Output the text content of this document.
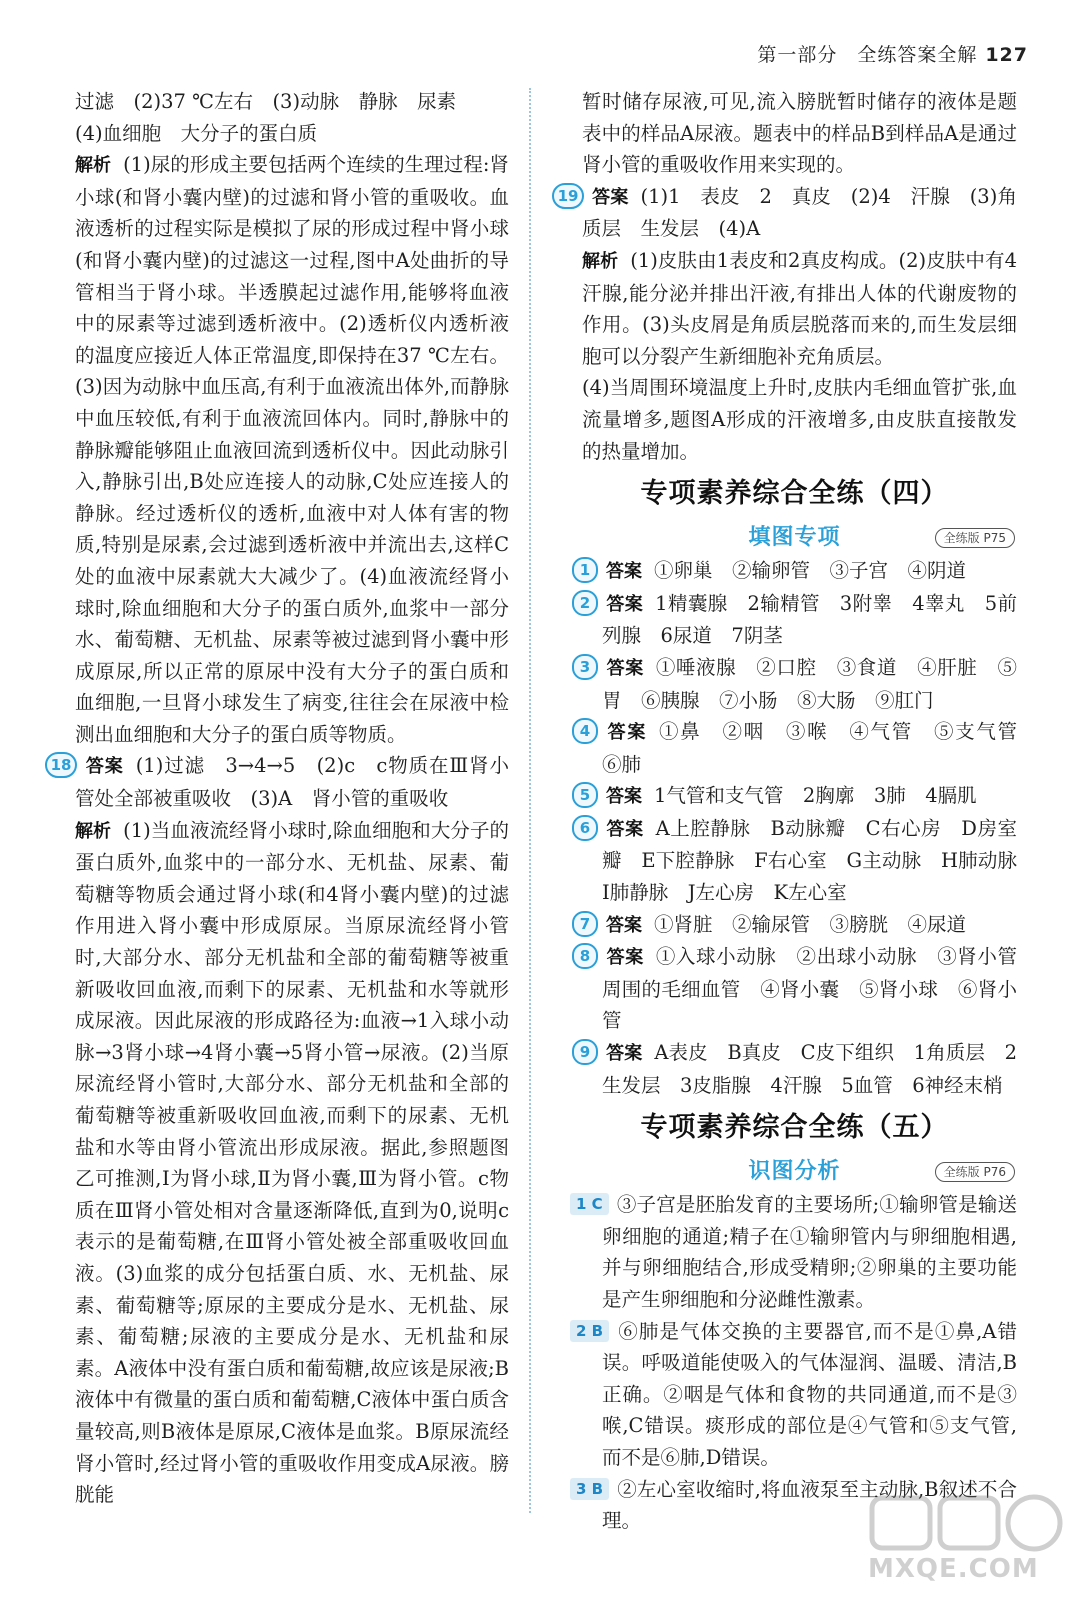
第一部分　全练答案全解 127

过滤　(2)37 ℃左右　(3)动脉　静脉　尿素

(4)血细胞　大分子的蛋白质

解析 (1)尿的形成主要包括两个连续的生理过程:肾小球(和肾小囊内壁)的过滤和肾小管的重吸收。血液透析的过程实际是模拟了尿的形成过程中肾小球(和肾小囊内壁)的过滤这一过程,图中A处曲折的导管相当于肾小球。半透膜起过滤作用,能够将血液中的尿素等过滤到透析液中。(2)透析仪内透析液的温度应接近人体正常温度,即保持在37 ℃左右。(3)因为动脉中血压高,有利于血液流出体外,而静脉中血压较低,有利于血液流回体内。同时,静脉中的静脉瓣能够阻止血液回流到透析仪中。因此动脉引入,静脉引出,B处应连接人的动脉,C处应连接人的静脉。经过透析仪的透析,血液中对人体有害的物质,特别是尿素,会过滤到透析液中并流出去,这样C处的血液中尿素就大大减少了。(4)血液流经肾小球时,除血细胞和大分子的蛋白质外,血浆中一部分水、葡萄糖、无机盐、尿素等被过滤到肾小囊中形成原尿,所以正常的原尿中没有大分子的蛋白质和血细胞,一旦肾小球发生了病变,往往会在尿液中检测出血细胞和大分子的蛋白质等物质。

18 答案 (1)过滤　3→4→5　(2)c　c物质在Ⅲ肾小管处全部被重吸收　(3)A　肾小管的重吸收

解析 (1)当血液流经肾小球时,除血细胞和大分子的蛋白质外,血浆中的一部分水、无机盐、尿素、葡萄糖等物质会通过肾小球(和4肾小囊内壁)的过滤作用进入肾小囊中形成原尿。当原尿流经肾小管时,大部分水、部分无机盐和全部的葡萄糖等被重新吸收回血液,而剩下的尿素、无机盐和水等就形成尿液。因此尿液的形成路径为:血液→1入球小动脉→3肾小球→4肾小囊→5肾小管→尿液。(2)当原尿流经肾小管时,大部分水、部分无机盐和全部的葡萄糖等被重新吸收回血液,而剩下的尿素、无机盐和水等由肾小管流出形成尿液。据此,参照题图乙可推测,Ⅰ为肾小球,Ⅱ为肾小囊,Ⅲ为肾小管。c物质在Ⅲ肾小管处相对含量逐渐降低,直到为0,说明c表示的是葡萄糖,在Ⅲ肾小管处被全部重吸收回血液。(3)血浆的成分包括蛋白质、水、无机盐、尿素、葡萄糖等;原尿的主要成分是水、无机盐、尿素、葡萄糖;尿液的主要成分是水、无机盐和尿素。A液体中没有蛋白质和葡萄糖,故应该是尿液;B液体中有微量的蛋白质和葡萄糖,C液体中蛋白质含量较高,则B液体是原尿,C液体是血浆。B原尿流经肾小管时,经过肾小管的重吸收作用变成A尿液。膀胱能

暂时储存尿液,可见,流入膀胱暂时储存的液体是题表中的样品A尿液。题表中的样品B到样品A是通过肾小管的重吸收作用来实现的。

19 答案 (1)1　表皮　2　真皮　(2)4　汗腺　(3)角质层　生发层　(4)A

解析 (1)皮肤由1表皮和2真皮构成。(2)皮肤中有4汗腺,能分泌并排出汗液,有排出人体的代谢废物的作用。(3)头皮屑是角质层脱落而来的,而生发层细胞可以分裂产生新细胞补充角质层。

(4)当周围环境温度上升时,皮肤内毛细血管扩张,血流量增多,题图A形成的汗液增多,由皮肤直接散发的热量增加。

专项素养综合全练（四）
填图专项	全练版 P75

1 答案 ①卵巢　②输卵管　③子宫　④阴道

2 答案 1精囊腺　2输精管　3附睾　4睾丸　5前列腺　6尿道　7阴茎

3 答案 ①唾液腺　②口腔　③食道　④肝脏　⑤胃　⑥胰腺　⑦小肠　⑧大肠　⑨肛门

4 答案 ①鼻　②咽　③喉　④气管　⑤支气管　⑥肺

5 答案 1气管和支气管　2胸廓　3肺　4膈肌

6 答案 A上腔静脉　B动脉瓣　C右心房　D房室瓣　E下腔静脉　F右心室　G主动脉　H肺动脉　I肺静脉　J左心房　K左心室

7 答案 ①肾脏　②输尿管　③膀胱　④尿道

8 答案 ①入球小动脉　②出球小动脉　③肾小管周围的毛细血管　④肾小囊　⑤肾小球　⑥肾小管

9 答案 A表皮　B真皮　C皮下组织　1角质层　2生发层　3皮脂腺　4汗腺　5血管　6神经末梢

专项素养综合全练（五）
识图分析	全练版 P76

1 C ③子宫是胚胎发育的主要场所;①输卵管是输送卵细胞的通道;精子在①输卵管内与卵细胞相遇,并与卵细胞结合,形成受精卵;②卵巢的主要功能是产生卵细胞和分泌雌性激素。

2 B ⑥肺是气体交换的主要器官,而不是①鼻,A错误。呼吸道能使吸入的气体湿润、温暖、清洁,B正确。②咽是气体和食物的共同通道,而不是③喉,C错误。痰形成的部位是④气管和⑤支气管,而不是⑥肺,D错误。

3 B ②左心室收缩时,将血液泵至主动脉,B叙述不合理。

MXQE.COM
